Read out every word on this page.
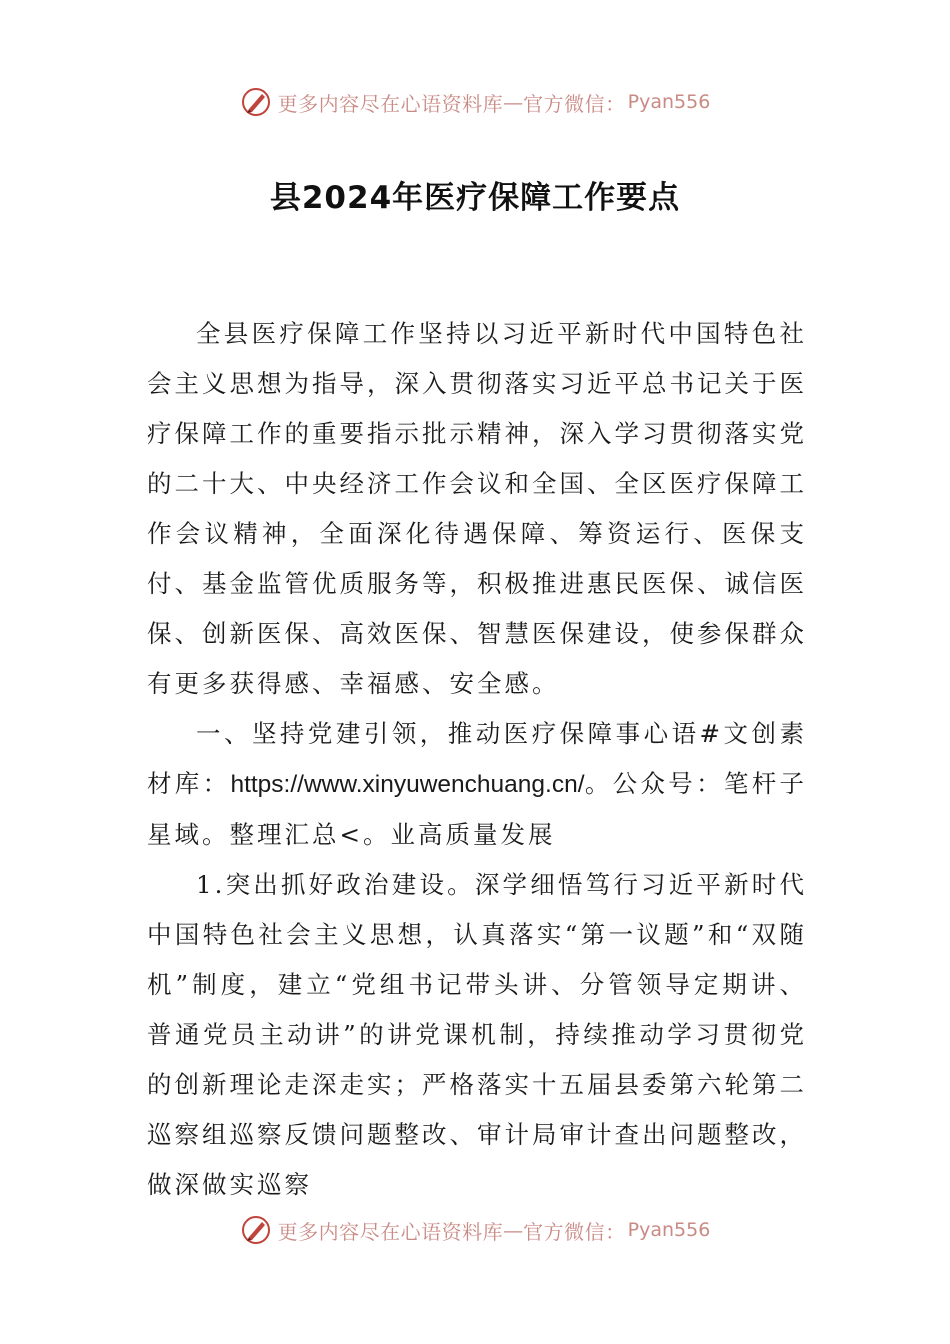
更多内容尽在心语资料库 — 官方微信： Pyan556
县2024年医疗保障工作要点

全县医疗保障工作坚持以习近平新时代中国特色社会主义思想为指导，深入贯彻落实习近平总书记关于医疗保障工作的重要指示批示精神，深入学习贯彻落实党的二十大、中央经济工作会议和全国、全区医疗保障工作会议精神，全面深化待遇保障、筹资运行、医保支付、基金监管优质服务等，积极推进惠民医保、诚信医保、创新医保、高效医保、智慧医保建设，使参保群众有更多获得感、幸福感、安全感。

一、坚持党建引领，推动医疗保障事心语#文创素材库：https://www.xinyuwenchuang.cn/。公众号：笔杆子星域。整理汇总<。业高质量发展

1.突出抓好政治建设。深学细悟笃行习近平新时代中国特色社会主义思想，认真落实“第一议题”和“双随机”制度，建立“党组书记带头讲、分管领导定期讲、普通党员主动讲”的讲党课机制，持续推动学习贯彻党的创新理论走深走实；严格落实十五届县委第六轮第二巡察组巡察反馈问题整改、审计局审计查出问题整改，做深做实巡察

更多内容尽在心语资料库 — 官方微信： Pyan556
